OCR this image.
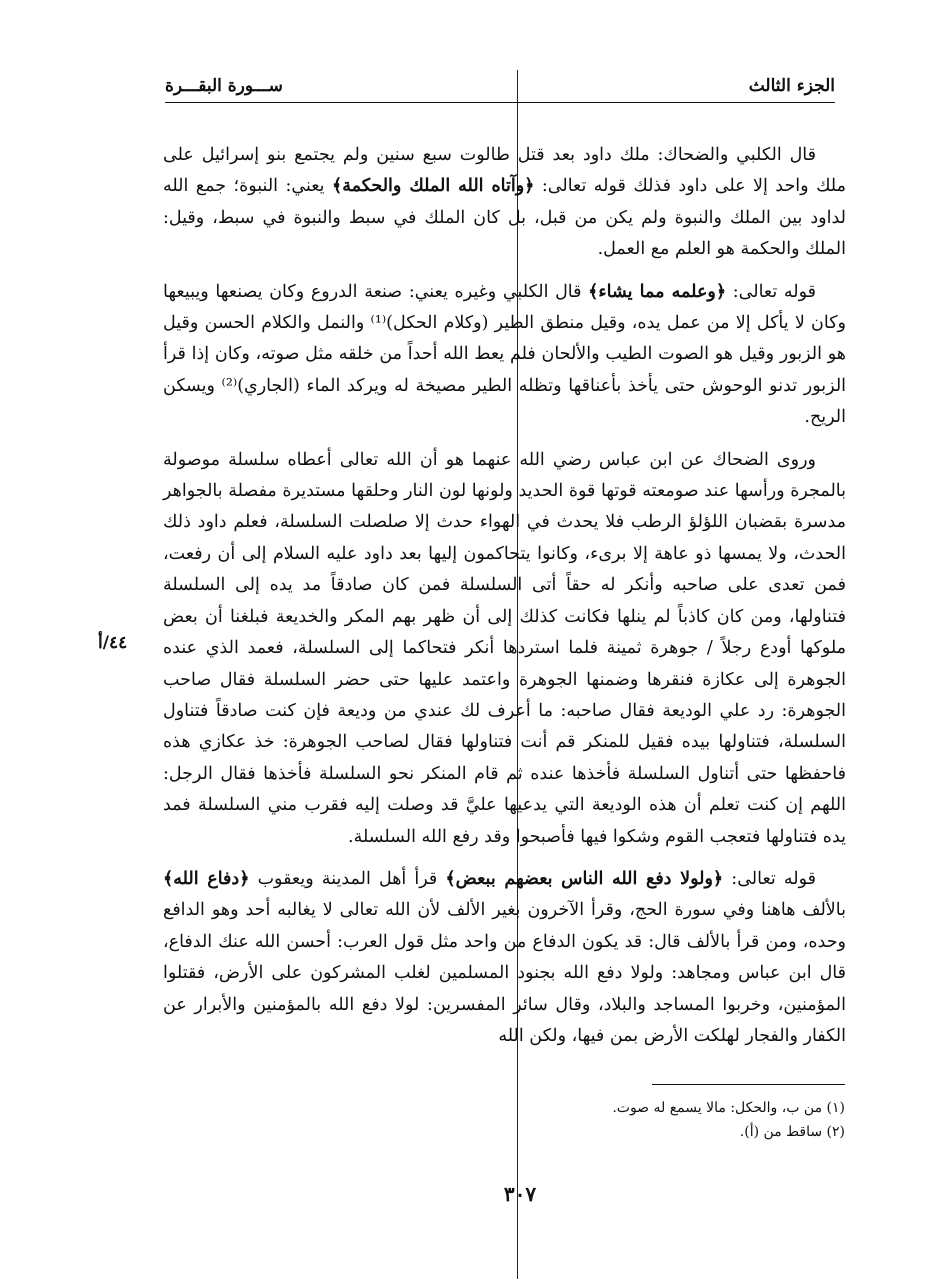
الجزء الثالث
ســـورة البقـــرة

قال الكلبي والضحاك: ملك داود بعد قتل طالوت سبع سنين ولم يجتمع بنو إسرائيل على ملك واحد إلا على داود فذلك قوله تعالى: ﴿وآتاه الله الملك والحكمة﴾ يعني: النبوة؛ جمع الله لداود بين الملك والنبوة ولم يكن من قبل، بل كان الملك في سبط والنبوة في سبط، وقيل: الملك والحكمة هو العلم مع العمل.

قوله تعالى: ﴿وعلمه مما يشاء﴾ قال الكلبي وغيره يعني: صنعة الدروع وكان يصنعها ويبيعها وكان لا يأكل إلا من عمل يده، وقيل منطق الطير (وكلام الحكل)⁽¹⁾ والنمل والكلام الحسن وقيل هو الزبور وقيل هو الصوت الطيب والألحان فلم يعط الله أحداً من خلقه مثل صوته، وكان إذا قرأ الزبور تدنو الوحوش حتى يأخذ بأعناقها وتظله الطير مصيخة له ويركد الماء (الجاري)⁽²⁾ ويسكن الريح.

وروى الضحاك عن ابن عباس رضي الله عنهما هو أن الله تعالى أعطاه سلسلة موصولة بالمجرة ورأسها عند صومعته قوتها قوة الحديد ولونها لون النار وحلقها مستديرة مفصلة بالجواهر مدسرة بقضبان اللؤلؤ الرطب فلا يحدث في الهواء حدث إلا صلصلت السلسلة، فعلم داود ذلك الحدث، ولا يمسها ذو عاهة إلا برىء، وكانوا يتحاكمون إليها بعد داود عليه السلام إلى أن رفعت، فمن تعدى على صاحبه وأنكر له حقاً أتى السلسلة فمن كان صادقاً مد يده إلى السلسلة فتناولها، ومن كان كاذباً لم ينلها فكانت كذلك إلى أن ظهر بهم المكر والخديعة فبلغنا أن بعض ملوكها أودع رجلاً / جوهرة ثمينة فلما استردها أنكر فتحاكما إلى السلسلة، فعمد الذي عنده الجوهرة إلى عكازة فنقرها وضمنها الجوهرة واعتمد عليها حتى حضر السلسلة فقال صاحب الجوهرة: رد علي الوديعة فقال صاحبه: ما أعرف لك عندي من وديعة فإن كنت صادقاً فتناول السلسلة، فتناولها بيده فقيل للمنكر قم أنت فتناولها فقال لصاحب الجوهرة: خذ عكازي هذه فاحفظها حتى أتناول السلسلة فأخذها عنده ثم قام المنكر نحو السلسلة فأخذها فقال الرجل: اللهم إن كنت تعلم أن هذه الوديعة التي يدعيها عليَّ قد وصلت إليه فقرب مني السلسلة فمد يده فتناولها فتعجب القوم وشكوا فيها فأصبحوا وقد رفع الله السلسلة.

قوله تعالى: ﴿ولولا دفع الله الناس بعضهم ببعض﴾ قرأ أهل المدينة ويعقوب ﴿دفاع الله﴾ بالألف هاهنا وفي سورة الحج، وقرأ الآخرون بغير الألف لأن الله تعالى لا يغالبه أحد وهو الدافع وحده، ومن قرأ بالألف قال: قد يكون الدفاع من واحد مثل قول العرب: أحسن الله عنك الدفاع، قال ابن عباس ومجاهد: ولولا دفع الله بجنود المسلمين لغلب المشركون على الأرض، فقتلوا المؤمنين، وخربوا المساجد والبلاد، وقال سائر المفسرين: لولا دفع الله بالمؤمنين والأبرار عن الكفار والفجار لهلكت الأرض بمن فيها، ولكن الله

٤٤/أ
(١) من ب، والحكل: مالا يسمع له صوت.
(٢) ساقط من (أ).
٣٠٧
